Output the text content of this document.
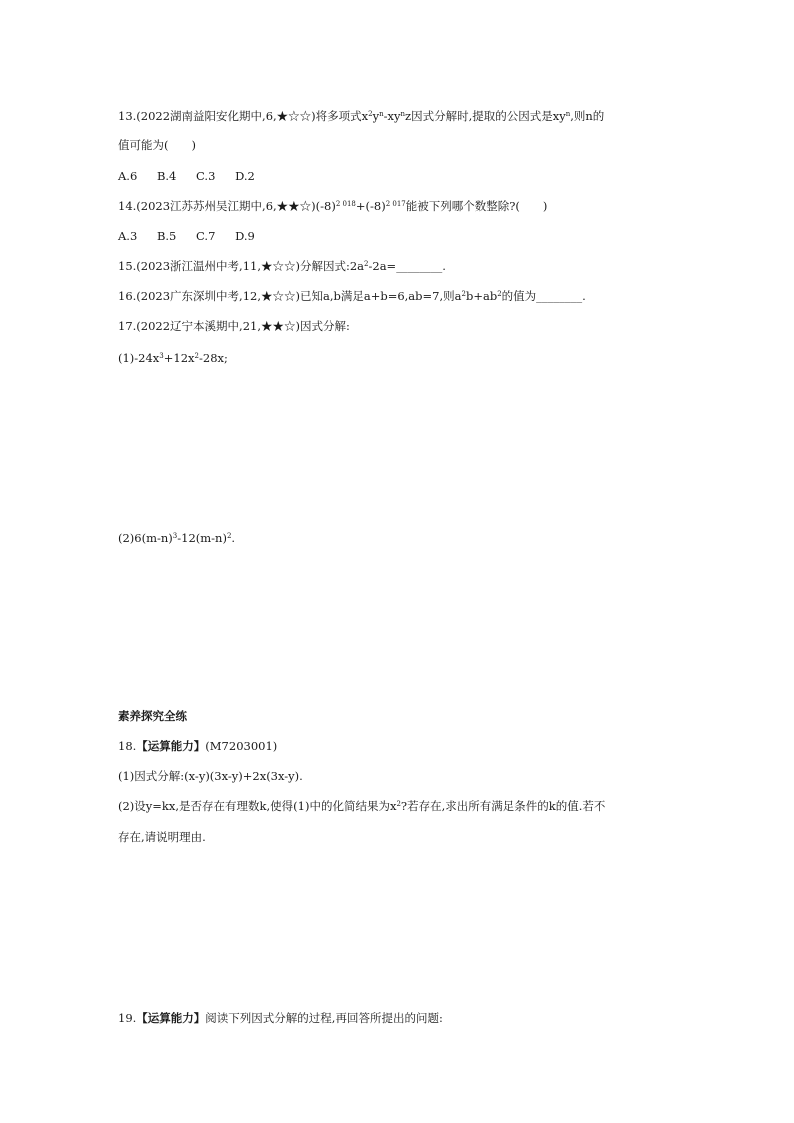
13.(2022湖南益阳安化期中,6,★☆☆)将多项式$x^2y^n-xy^nz$因式分解时,提取的公因式是$xy^n$,则n的
值可能为(　　)
A.6 B.4 C.3 D.2
14.(2023江苏苏州吴江期中$,6,★★☆)(-8)^{2 018}+(-8)^{2 017}$能被下列哪个数整除?(　　)
A.3 B.5 C.7 D.9
15.(2023浙江温州中考,11,★☆☆)分解因式$:2a^2-2a=\_\_\_\_\_\_\_\_$.
16.(2023广东深圳中考,12,★☆☆)已知a,b满足a+b=6,ab=7,则$a^2b+ab^2$的值为________.
17.(2022辽宁本溪期中,21,★★☆)因式分解:
$(1)-24x^3+12x^2-28x$;
$(2)6(m-n)^3-12(m-n)^2$.
素养探究全练
18.【运算能力】(M7203001)
(1)因式分解:(x-y)(3x-y)+2x(3x-y).
(2)设y=kx,是否存在有理数k,使得(1)中的化简结果为$x^2$?若存在,求出所有满足条件的k的值.若不
存在,请说明理由.
19.【运算能力】阅读下列因式分解的过程,再回答所提出的问题:
